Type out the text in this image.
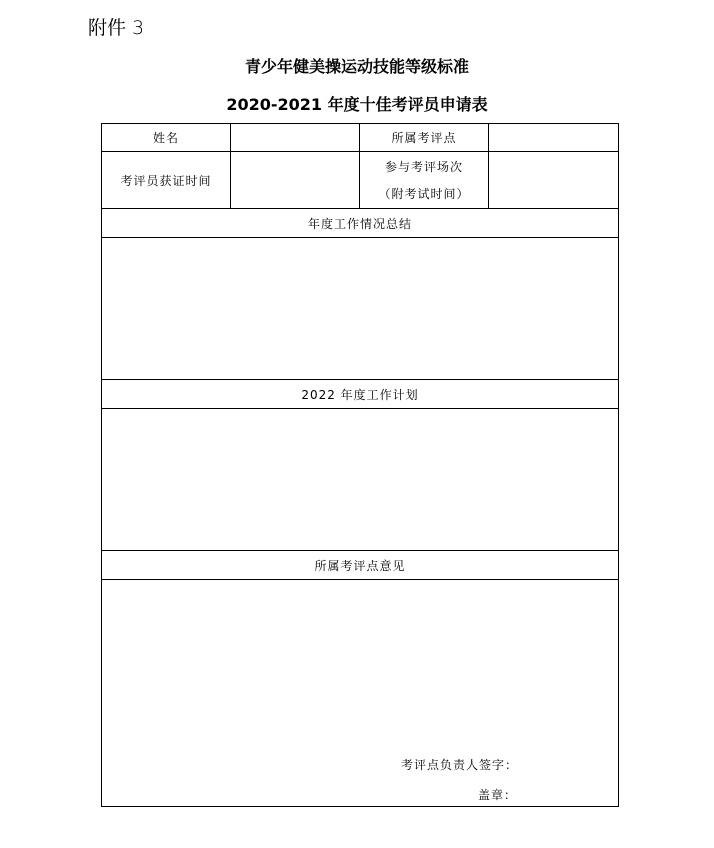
附件 3
青少年健美操运动技能等级标准
2020-2021 年度十佳考评员申请表
姓名		所属考评点	
考评员获证时间		参与考评场次
（附考试时间）	

年度工作情况总结			

2022 年度工作计划			

所属考评点意见			

考评点负责人签字：
盖章：			
